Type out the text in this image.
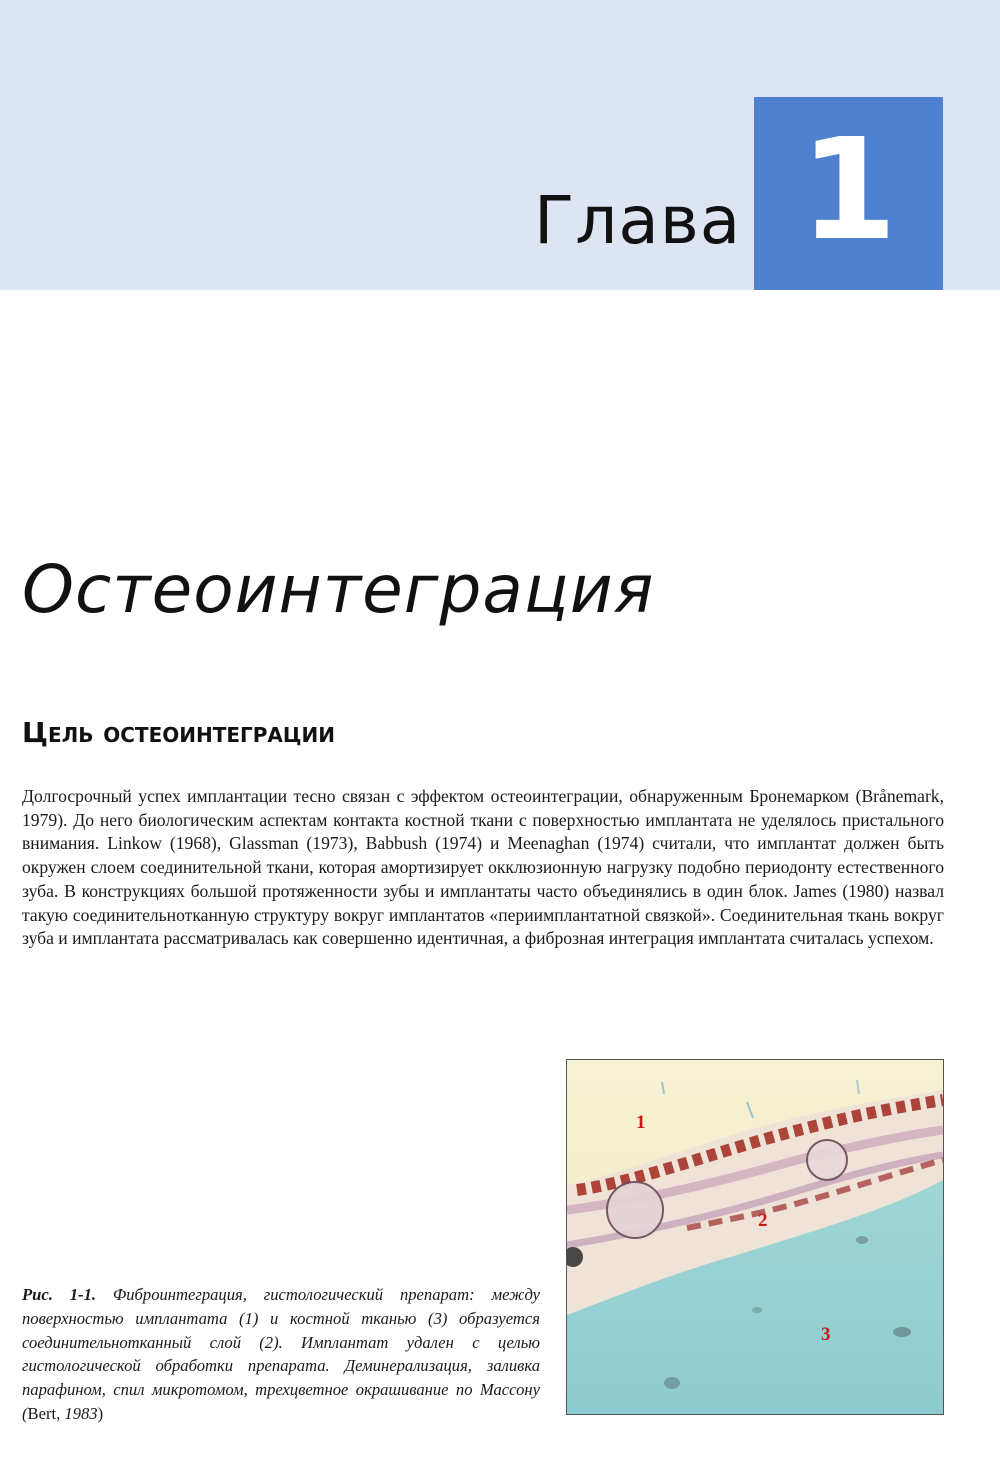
Глава 1
Остеоинтеграция
Цель остеоинтеграции

Долгосрочный успех имплантации тесно связан с эффектом остеоинтеграции, обнаруженным Бронемарком (Brånemark, 1979). До него биологическим аспектам контакта костной ткани с поверхностью имплантата не уделялось пристального внимания. Linkow (1968), Glassman (1973), Babbush (1974) и Meenaghan (1974) считали, что имплантат должен быть окружен слоем соединительной ткани, которая амортизирует окклюзионную нагрузку подобно периодонту естественного зуба. В конструкциях большой протяженности зубы и имплантаты часто объединялись в один блок. James (1980) назвал такую соединительнотканную структуру вокруг имплантатов «периимплантатной связкой». Соединительная ткань вокруг зуба и имплантата рассматривалась как совершенно идентичная, а фиброзная интеграция имплантата считалась успехом.

1
2
3

Рис. 1-1. Фиброинтеграция, гистологический препарат: между поверхностью имплантата (1) и костной тканью (3) образуется соединительнотканный слой (2). Имплантат удален с целью гистологической обработки препарата. Деминерализация, заливка парафином, спил микротомом, трехцветное окрашивание по Массону (Bert, 1983)
